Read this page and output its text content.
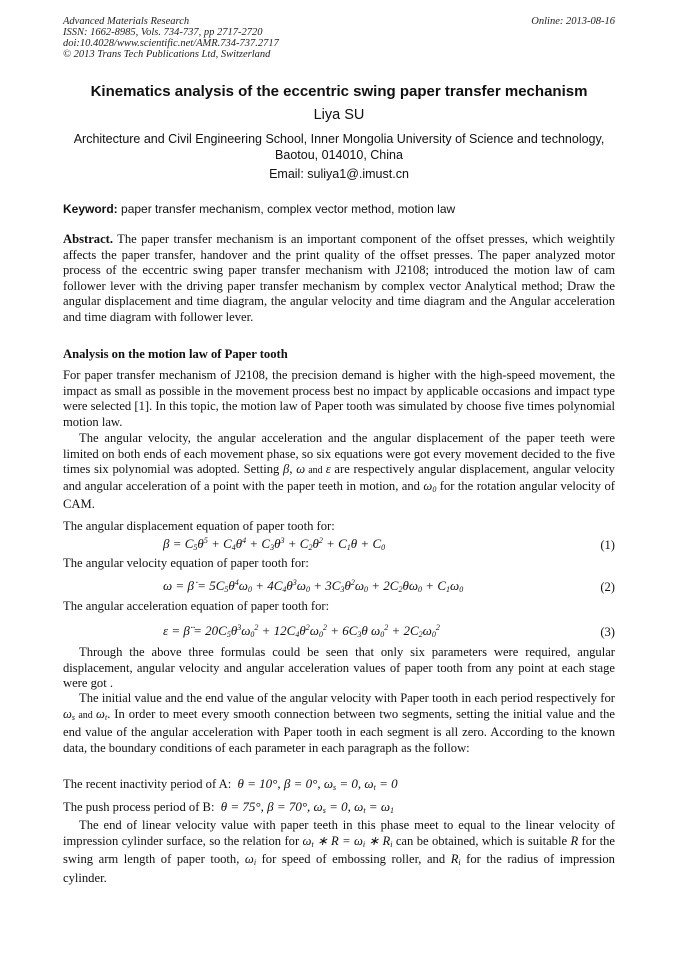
Advanced Materials Research
ISSN: 1662-8985, Vols. 734-737, pp 2717-2720
doi:10.4028/www.scientific.net/AMR.734-737.2717
© 2013 Trans Tech Publications Ltd, Switzerland
Online: 2013-08-16
Kinematics analysis of the eccentric swing paper transfer mechanism
Liya SU
Architecture and Civil Engineering School, Inner Mongolia University of Science and technology,
Baotou, 014010, China
Email: suliya1@.imust.cn
Keyword: paper transfer mechanism, complex vector method, motion law
Abstract. The paper transfer mechanism is an important component of the offset presses, which weightily affects the paper transfer, handover and the print quality of the offset presses. The paper analyzed motor process of the eccentric swing paper transfer mechanism with J2108; introduced the motion law of cam follower lever with the driving paper transfer mechanism by complex vector Analytical method; Draw the angular displacement and time diagram, the angular velocity and time diagram and the Angular acceleration and time diagram with follower lever.
Analysis on the motion law of Paper tooth
For paper transfer mechanism of J2108, the precision demand is higher with the high-speed movement, the impact as small as possible in the movement process best no impact by applicable occasions and impact type were selected [1]. In this topic, the motion law of Paper tooth was simulated by choose five times polynomial motion law.
The angular velocity, the angular acceleration and the angular displacement of the paper teeth were limited on both ends of each movement phase, so six equations were got every movement decided to the five times six polynomial was adopted. Setting β, ω and ε are respectively angular displacement, angular velocity and angular acceleration of a point with the paper teeth in motion, and $\omega_0$ for the rotation angular velocity of CAM.
The angular displacement equation of paper tooth for:
$\beta = C_5\theta^5 + C_4\theta^4 + C_3\theta^3 + C_2\theta^2 + C_1\theta + C_0$	(1)
The angular velocity equation of paper tooth for:
ω = β̇ = $5C_5\theta^4\omega_0 + 4C_4\theta^3\omega_0 + 3C_3\theta^2\omega_0 + 2C_2\theta\omega_0 + C_1\omega_0$	(2)
The angular acceleration equation of paper tooth for:
ε = β̈ = $20C_5\theta^3\omega_0^2 + 12C_4\theta^2\omega_0^2 + 6C_3\theta$ $\omega_0^2 + 2C_2\omega_0^2$	(3)
Through the above three formulas could be seen that only six parameters were required, angular displacement, angular velocity and angular acceleration values of paper tooth from any point at each stage were got .
The initial value and the end value of the angular velocity with Paper tooth in each period respectively for $\omega_s$ and $\omega_t$. In order to meet every smooth connection between two segments, setting the initial value and the end value of the angular acceleration with Paper tooth in each segment is all zero. According to the known data, the boundary conditions of each parameter in each paragraph as the follow:
The recent inactivity period of A: θ = 10°, β = 0°, $\omega_s = 0$, $\omega_t = 0$
The push process period of B: θ = 75°, β = 70°, $\omega_s = 0$, $\omega_t = \omega_1$
The end of linear velocity value with paper teeth in this phase meet to equal to the linear velocity of impression cylinder surface, so the relation for $\omega_t$ ∗ $R = \omega_i$ ∗ $R_i$ can be obtained, which is suitable R for the swing arm length of paper tooth, $\omega_i$ for speed of embossing roller, and $R_i$ for the radius of impression cylinder.
